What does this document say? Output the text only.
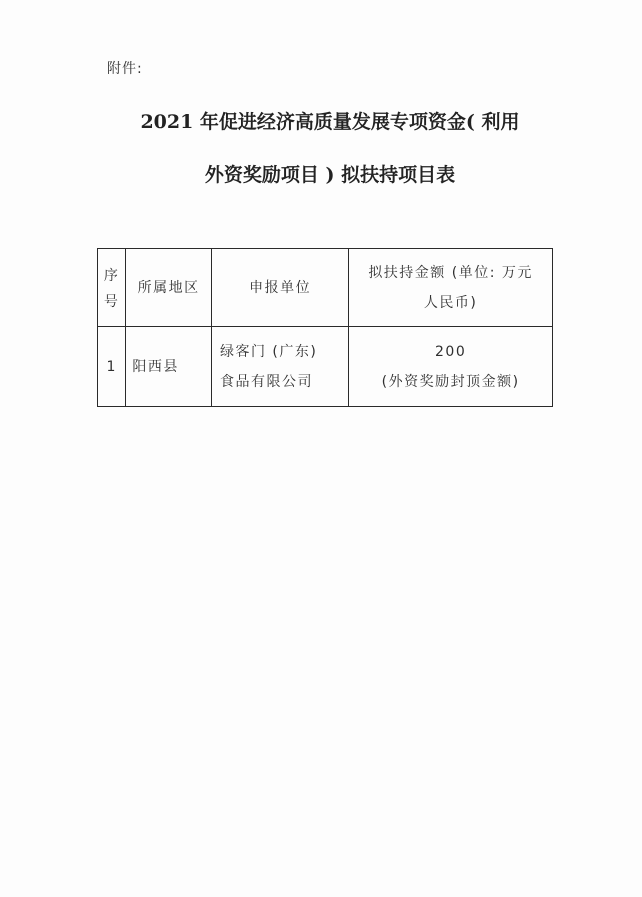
附件:
2021 年促进经济高质量发展专项资金( 利用
外资奖励项目 ) 拟扶持项目表
序
号	所属地区	申报单位	拟扶持金额 (单位: 万元
人民币)

1	阳西县	绿客门 (广东)
食品有限公司	200
(外资奖励封顶金额)
